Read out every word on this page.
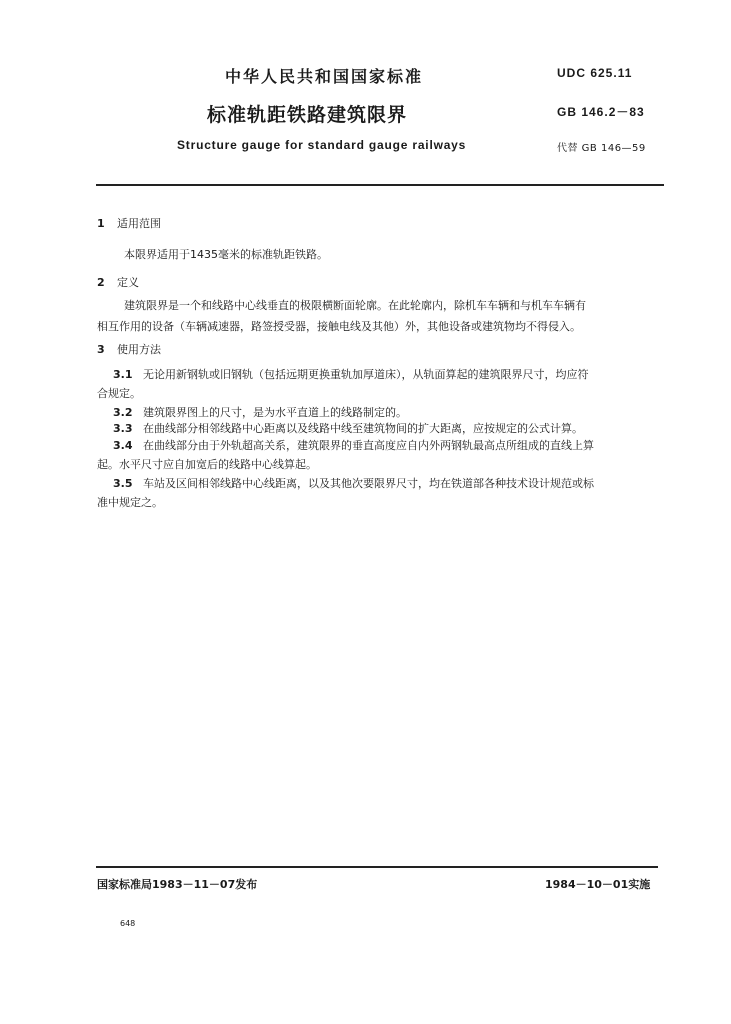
中华人民共和国国家标准
标准轨距铁路建筑限界
Structure gauge for standard gauge railways
UDC 625.11
GB 146.2－83
代替 GB 146—59
1 适用范围
本限界适用于1435毫米的标准轨距铁路。
2 定义
建筑限界是一个和线路中心线垂直的极限横断面轮廓。在此轮廓内，除机车车辆和与机车车辆有
相互作用的设备（车辆减速器，路签授受器，接触电线及其他）外，其他设备或建筑物均不得侵入。
3 使用方法
3.1 无论用新钢轨或旧钢轨（包括远期更换重轨加厚道床），从轨面算起的建筑限界尺寸，均应符
合规定。
3.2 建筑限界图上的尺寸，是为水平直道上的线路制定的。
3.3 在曲线部分相邻线路中心距离以及线路中线至建筑物间的扩大距离，应按规定的公式计算。
3.4 在曲线部分由于外轨超高关系，建筑限界的垂直高度应自内外两钢轨最高点所组成的直线上算
起。水平尺寸应自加宽后的线路中心线算起。
3.5 车站及区间相邻线路中心线距离，以及其他次要限界尺寸，均在铁道部各种技术设计规范或标
准中规定之。
国家标准局1983－11－07发布	1984－10－01实施
648
